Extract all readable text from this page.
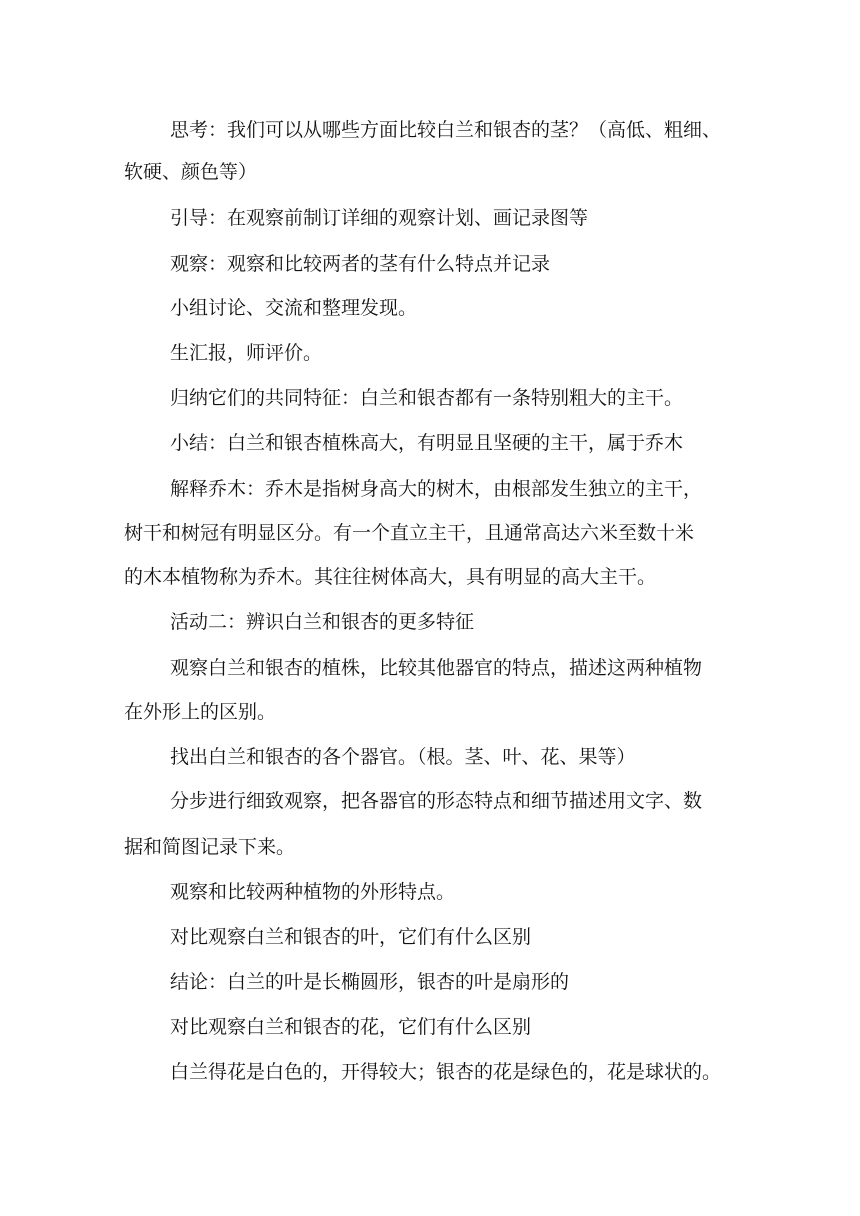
思考：我们可以从哪些方面比较白兰和银杏的茎？（高低、粗细、

软硬、颜色等）

引导：在观察前制订详细的观察计划、画记录图等

观察：观察和比较两者的茎有什么特点并记录

小组讨论、交流和整理发现。

生汇报，师评价。

归纳它们的共同特征：白兰和银杏都有一条特别粗大的主干。

小结：白兰和银杏植株高大，有明显且坚硬的主干，属于乔木

解释乔木：乔木是指树身高大的树木，由根部发生独立的主干，

树干和树冠有明显区分。有一个直立主干，且通常高达六米至数十米

的木本植物称为乔木。其往往树体高大，具有明显的高大主干。

活动二：辨识白兰和银杏的更多特征

观察白兰和银杏的植株，比较其他器官的特点，描述这两种植物

在外形上的区别。

找出白兰和银杏的各个器官。（根。茎、叶、花、果等）

分步进行细致观察，把各器官的形态特点和细节描述用文字、数

据和简图记录下来。

观察和比较两种植物的外形特点。

对比观察白兰和银杏的叶，它们有什么区别

结论：白兰的叶是长椭圆形，银杏的叶是扇形的

对比观察白兰和银杏的花，它们有什么区别

白兰得花是白色的，开得较大；银杏的花是绿色的，花是球状的。
